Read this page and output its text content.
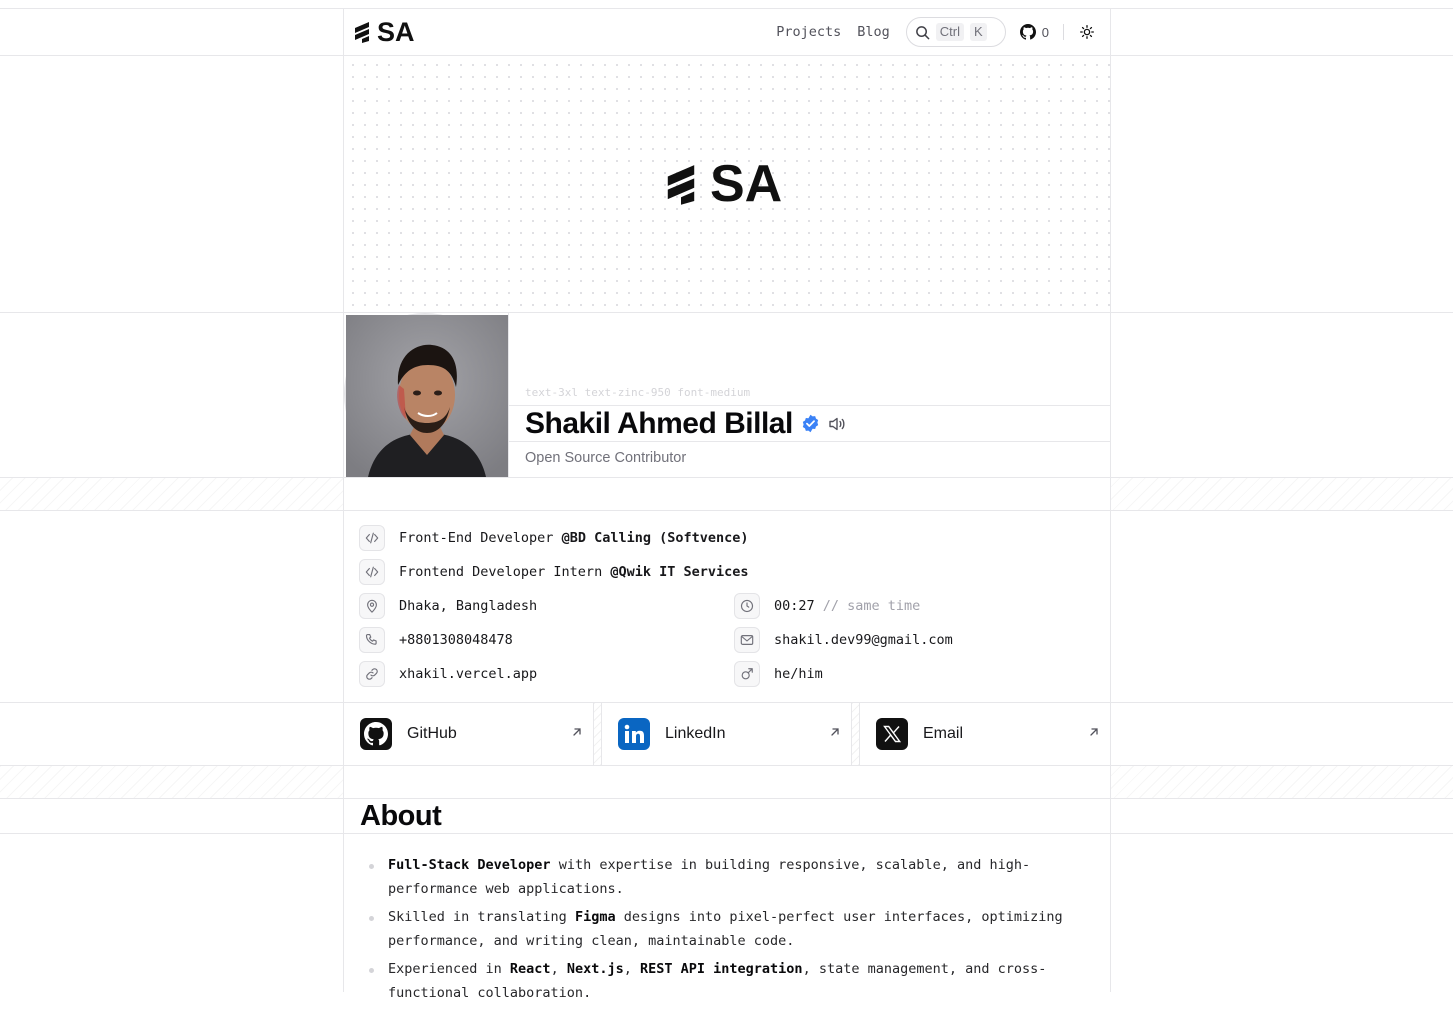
SA	Projects Blog	Ctrl	K	0
SA
text-3xl text-zinc-950 font-medium
Shakil Ahmed Billal
Open Source Contributor
Front-End Developer @BD Calling (Softvence)
Frontend Developer Intern @Qwik IT Services
Dhaka, Bangladesh	00:27 // same time
+8801308048478	shakil.dev99@gmail.com
xhakil.vercel.app	he/him
GitHub	LinkedIn	Email
About
Full-Stack Developer with expertise in building responsive, scalable, and high-performance web applications.
Skilled in translating Figma designs into pixel-perfect user interfaces, optimizing performance, and writing clean, maintainable code.
Experienced in React, Next.js, REST API integration, state management, and cross-functional collaboration.
